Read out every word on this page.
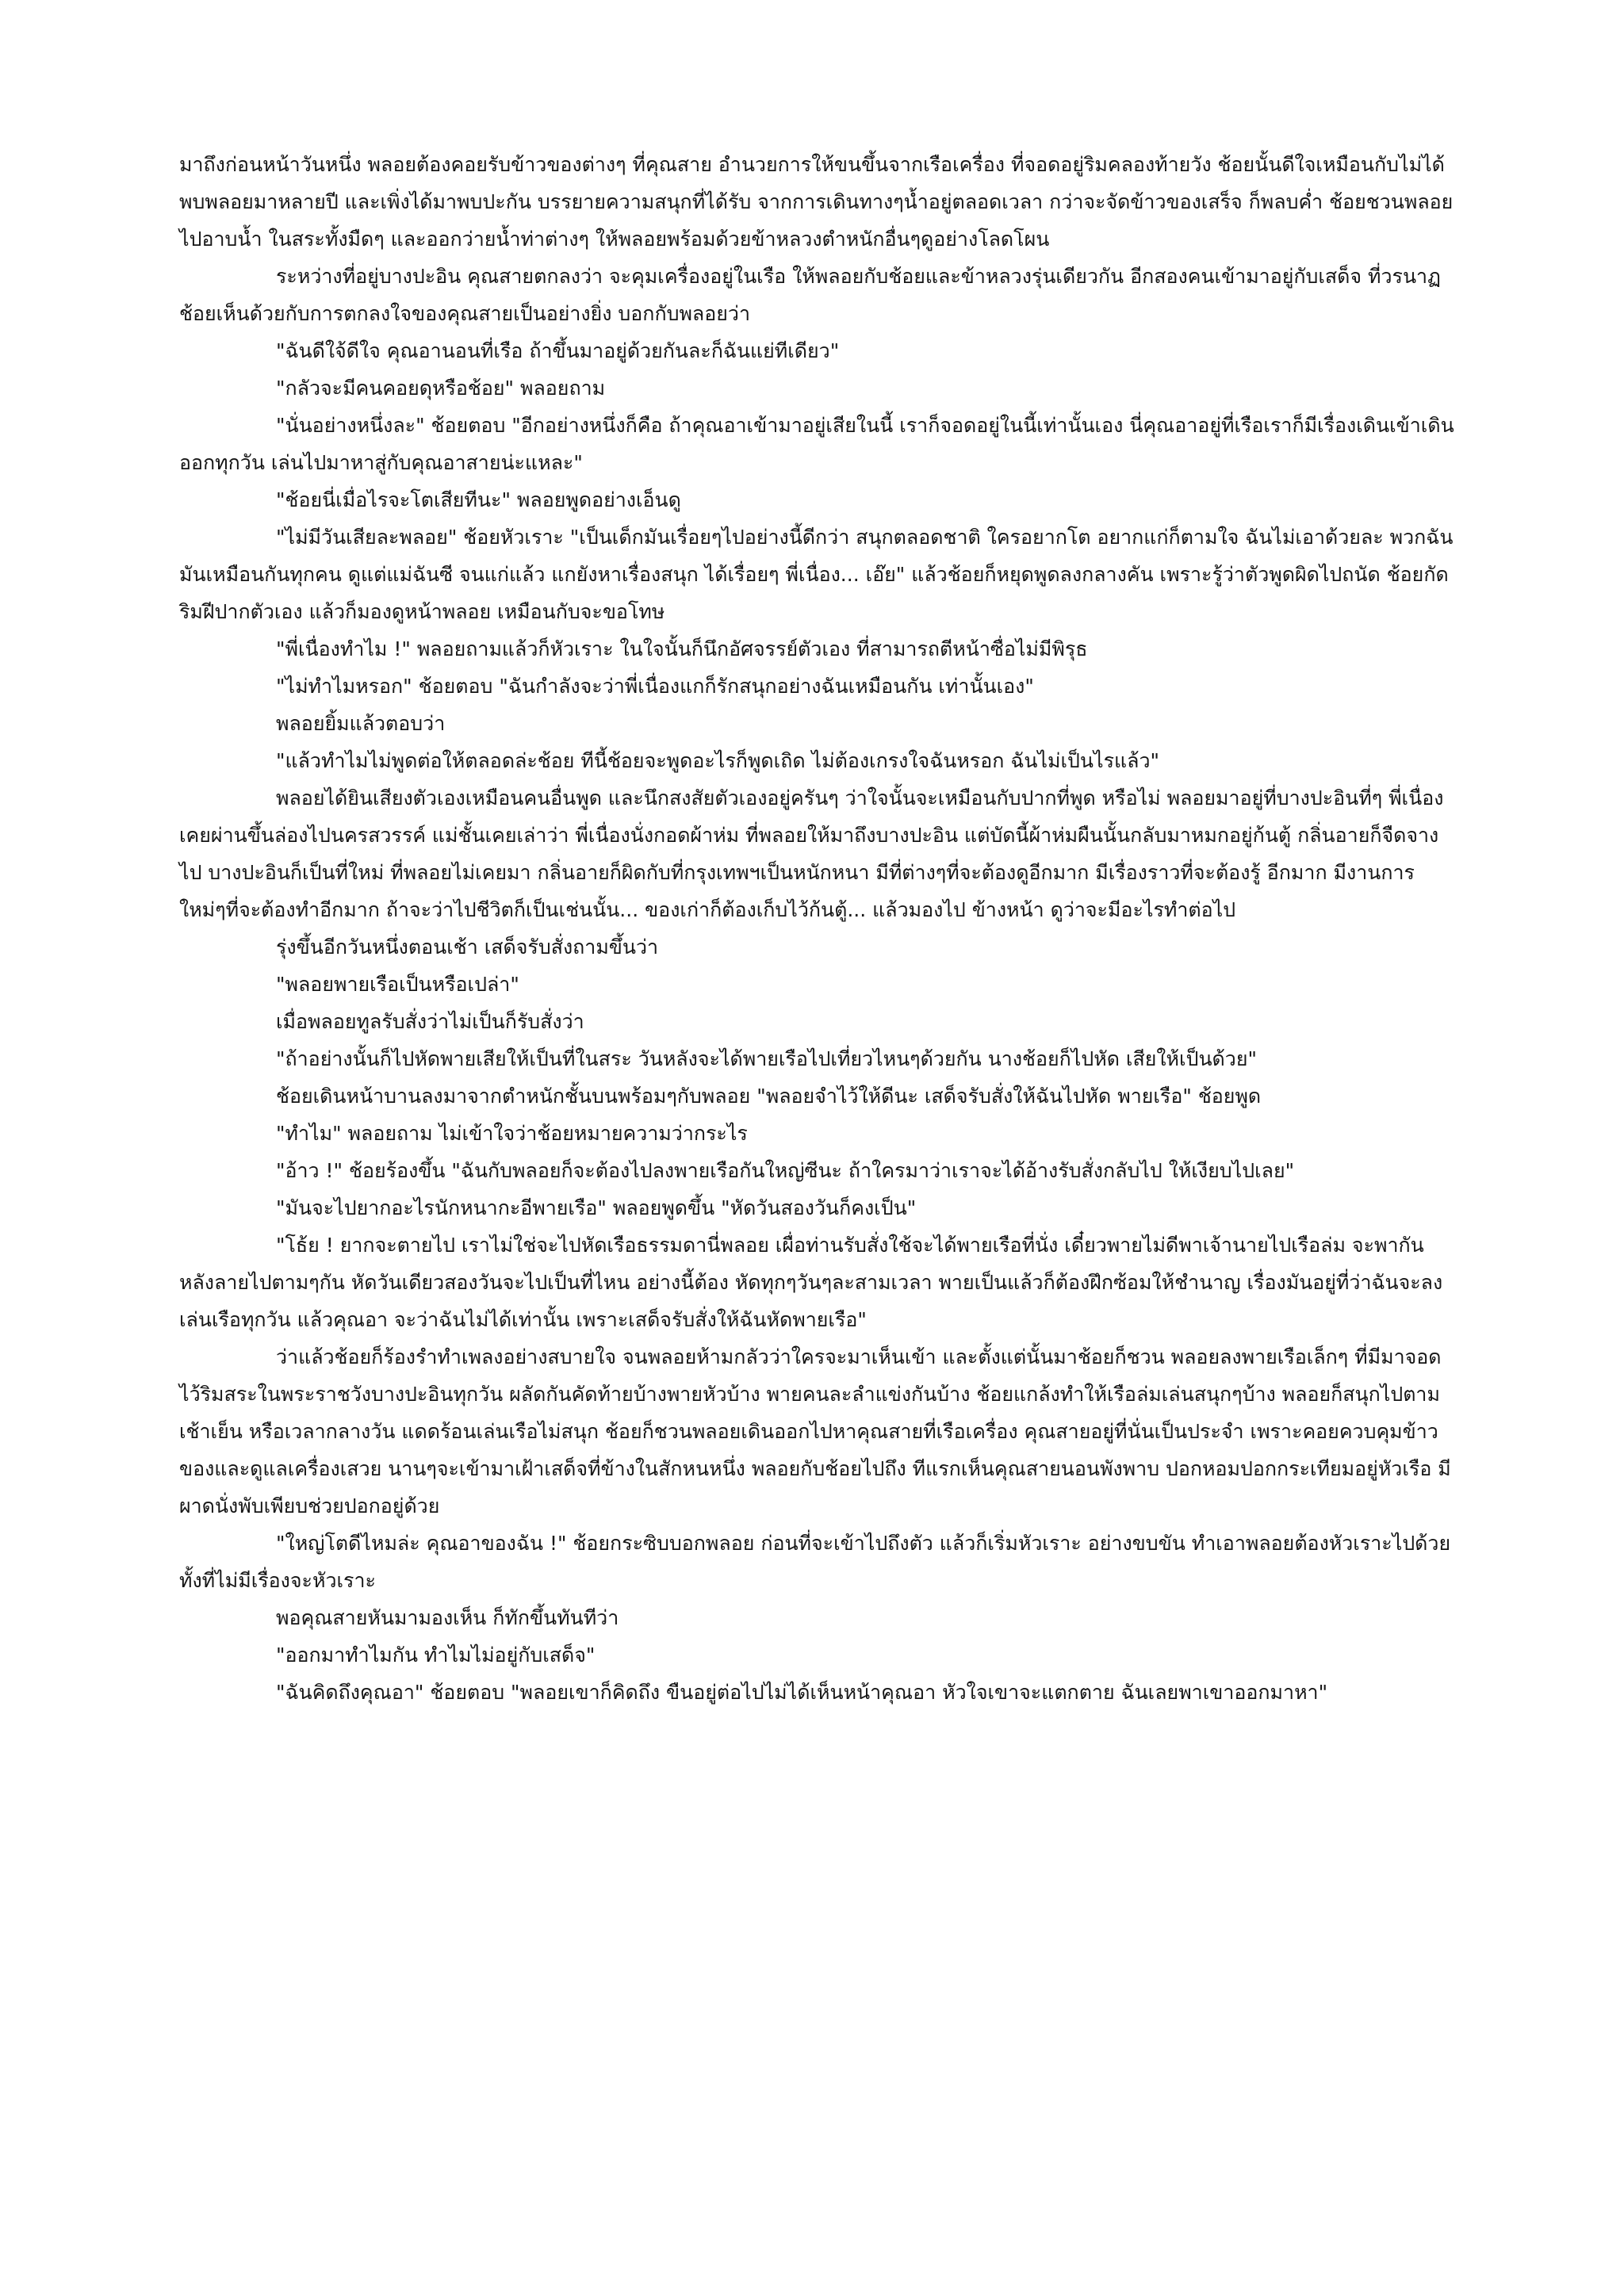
มาถึงก่อนหน้าวันหนึ่ง พลอยต้องคอยรับข้าวของต่างๆ ที่คุณสาย อำนวยการให้ขนขึ้นจากเรือเครื่อง ที่จอดอยู่ริมคลองท้ายวัง ช้อยนั้นดีใจเหมือนกับไม่ได้พบพลอยมาหลายปี และเพิ่งได้มาพบปะกัน บรรยายความสนุกที่ได้รับ จากการเดินทางๆน้ำอยู่ตลอดเวลา กว่าจะจัดข้าวของเสร็จ ก็พลบค่ำ ช้อยชวนพลอยไปอาบน้ำ ในสระทั้งมืดๆ และออกว่ายน้ำท่าต่างๆ ให้พลอยพร้อมด้วยข้าหลวงตำหนักอื่นๆดูอย่างโลดโผน

ระหว่างที่อยู่บางปะอิน คุณสายตกลงว่า จะคุมเครื่องอยู่ในเรือ ให้พลอยกับช้อยและข้าหลวงรุ่นเดียวกัน อีกสองคนเข้ามาอยู่กับเสด็จ ที่วรนาฏ ช้อยเห็นด้วยกับการตกลงใจของคุณสายเป็นอย่างยิ่ง บอกกับพลอยว่า

"ฉันดีใจ้ดีใจ คุณอานอนที่เรือ ถ้าขึ้นมาอยู่ด้วยกันละก็ฉันแย่ทีเดียว"

"กลัวจะมีคนคอยดุหรือช้อย" พลอยถาม

"นั่นอย่างหนึ่งละ" ช้อยตอบ "อีกอย่างหนึ่งก็คือ ถ้าคุณอาเข้ามาอยู่เสียในนี้ เราก็จอดอยู่ในนี้เท่านั้นเอง นี่คุณอาอยู่ที่เรือเราก็มีเรื่องเดินเข้าเดินออกทุกวัน เล่นไปมาหาสู่กับคุณอาสายน่ะแหละ"

"ช้อยนี่เมื่อไรจะโตเสียทีนะ" พลอยพูดอย่างเอ็นดู

"ไม่มีวันเสียละพลอย" ช้อยหัวเราะ "เป็นเด็กมันเรื่อยๆไปอย่างนี้ดีกว่า สนุกตลอดชาติ ใครอยากโต อยากแก่ก็ตามใจ ฉันไม่เอาด้วยละ พวกฉันมันเหมือนกันทุกคน ดูแต่แม่ฉันซี จนแก่แล้ว แกยังหาเรื่องสนุก ได้เรื่อยๆ พี่เนื่อง... เอ๊ย" แล้วช้อยก็หยุดพูดลงกลางคัน เพราะรู้ว่าตัวพูดผิดไปถนัด ช้อยกัดริมฝีปากตัวเอง แล้วก็มองดูหน้าพลอย เหมือนกับจะขอโทษ

"พี่เนื่องทำไม !" พลอยถามแล้วก็หัวเราะ ในใจนั้นก็นึกอัศจรรย์ตัวเอง ที่สามารถตีหน้าซื่อไม่มีพิรุธ

"ไม่ทำไมหรอก" ช้อยตอบ "ฉันกำลังจะว่าพี่เนื่องแกก็รักสนุกอย่างฉันเหมือนกัน เท่านั้นเอง"

พลอยยิ้มแล้วตอบว่า

"แล้วทำไมไม่พูดต่อให้ตลอดล่ะช้อย ทีนี้ช้อยจะพูดอะไรก็พูดเถิด ไม่ต้องเกรงใจฉันหรอก ฉันไม่เป็นไรแล้ว"

พลอยได้ยินเสียงตัวเองเหมือนคนอื่นพูด และนึกสงสัยตัวเองอยู่ครันๆ ว่าใจนั้นจะเหมือนกับปากที่พูด หรือไม่ พลอยมาอยู่ที่บางปะอินที่ๆ พี่เนื่องเคยผ่านขึ้นล่องไปนครสวรรค์ แม่ชั้นเคยเล่าว่า พี่เนื่องนั่งกอดผ้าห่ม ที่พลอยให้มาถึงบางปะอิน แต่บัดนี้ผ้าห่มผืนนั้นกลับมาหมกอยู่ก้นตู้ กลิ่นอายก็จืดจางไป บางปะอินก็เป็นที่ใหม่ ที่พลอยไม่เคยมา กลิ่นอายก็ผิดกับที่กรุงเทพฯเป็นหนักหนา มีที่ต่างๆที่จะต้องดูอีกมาก มีเรื่องราวที่จะต้องรู้ อีกมาก มีงานการใหม่ๆที่จะต้องทำอีกมาก ถ้าจะว่าไปชีวิตก็เป็นเช่นนั้น... ของเก่าก็ต้องเก็บไว้ก้นตู้... แล้วมองไป ข้างหน้า ดูว่าจะมีอะไรทำต่อไป

รุ่งขึ้นอีกวันหนึ่งตอนเช้า เสด็จรับสั่งถามขึ้นว่า

"พลอยพายเรือเป็นหรือเปล่า"

เมื่อพลอยทูลรับสั่งว่าไม่เป็นก็รับสั่งว่า

"ถ้าอย่างนั้นก็ไปหัดพายเสียให้เป็นที่ในสระ วันหลังจะได้พายเรือไปเที่ยวไหนๆด้วยกัน นางช้อยก็ไปหัด เสียให้เป็นด้วย"

ช้อยเดินหน้าบานลงมาจากตำหนักชั้นบนพร้อมๆกับพลอย "พลอยจำไว้ให้ดีนะ เสด็จรับสั่งให้ฉันไปหัด พายเรือ" ช้อยพูด

"ทำไม" พลอยถาม ไม่เข้าใจว่าช้อยหมายความว่ากระไร

"อ้าว !" ช้อยร้องขึ้น "ฉันกับพลอยก็จะต้องไปลงพายเรือกันใหญ่ซีนะ ถ้าใครมาว่าเราจะได้อ้างรับสั่งกลับไป ให้เงียบไปเลย"

"มันจะไปยากอะไรนักหนากะอีพายเรือ" พลอยพูดขึ้น "หัดวันสองวันก็คงเป็น"

"โธ้ย ! ยากจะตายไป เราไม่ใช่จะไปหัดเรือธรรมดานี่พลอย เผื่อท่านรับสั่งใช้จะได้พายเรือที่นั่ง เดี๋ยวพายไม่ดีพาเจ้านายไปเรือล่ม จะพากันหลังลายไปตามๆกัน หัดวันเดียวสองวันจะไปเป็นที่ไหน อย่างนี้ต้อง หัดทุกๆวันๆละสามเวลา พายเป็นแล้วก็ต้องฝึกซ้อมให้ชำนาญ เรื่องมันอยู่ที่ว่าฉันจะลงเล่นเรือทุกวัน แล้วคุณอา จะว่าฉันไม่ได้เท่านั้น เพราะเสด็จรับสั่งให้ฉันหัดพายเรือ"

ว่าแล้วช้อยก็ร้องรำทำเพลงอย่างสบายใจ จนพลอยห้ามกลัวว่าใครจะมาเห็นเข้า และตั้งแต่นั้นมาช้อยก็ชวน พลอยลงพายเรือเล็กๆ ที่มีมาจอดไว้ริมสระในพระราชวังบางปะอินทุกวัน ผลัดกันคัดท้ายบ้างพายหัวบ้าง พายคนละลำแข่งกันบ้าง ช้อยแกล้งทำให้เรือล่มเล่นสนุกๆบ้าง พลอยก็สนุกไปตาม เช้าเย็น หรือเวลากลางวัน แดดร้อนเล่นเรือไม่สนุก ช้อยก็ชวนพลอยเดินออกไปหาคุณสายที่เรือเครื่อง คุณสายอยู่ที่นั่นเป็นประจำ เพราะคอยควบคุมข้าวของและดูแลเครื่องเสวย นานๆจะเข้ามาเฝ้าเสด็จที่ข้างในสักหนหนึ่ง พลอยกับช้อยไปถึง ทีแรกเห็นคุณสายนอนพังพาบ ปอกหอมปอกกระเทียมอยู่หัวเรือ มีผาดนั่งพับเพียบช่วยปอกอยู่ด้วย

"ใหญ่โตดีไหมล่ะ คุณอาของฉัน !" ช้อยกระซิบบอกพลอย ก่อนที่จะเข้าไปถึงตัว แล้วก็เริ่มหัวเราะ อย่างขบขัน ทำเอาพลอยต้องหัวเราะไปด้วย ทั้งที่ไม่มีเรื่องจะหัวเราะ

พอคุณสายหันมามองเห็น ก็ทักขึ้นทันทีว่า

"ออกมาทำไมกัน ทำไมไม่อยู่กับเสด็จ"

"ฉันคิดถึงคุณอา" ช้อยตอบ "พลอยเขาก็คิดถึง ขืนอยู่ต่อไปไม่ได้เห็นหน้าคุณอา หัวใจเขาจะแตกตาย ฉันเลยพาเขาออกมาหา"
